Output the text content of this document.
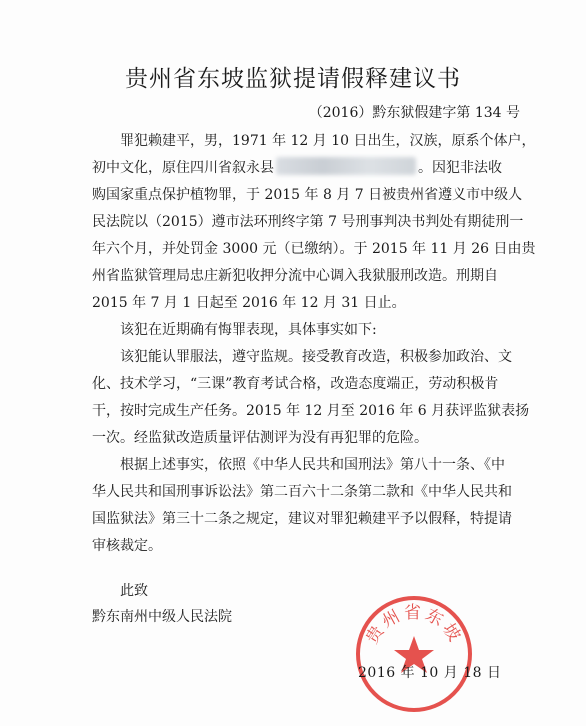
贵州省东坡监狱提请假释建议书
（2016）黔东狱假建字第 134 号
罪犯赖建平，男，1971 年 12 月 10 日出生，汉族，原系个体户，
初中文化，原住四川省叙永县	。因犯非法收
购国家重点保护植物罪，于 2015 年 8 月 7 日被贵州省遵义市中级人
民法院以（2015）遵市法环刑终字第 7 号刑事判决书判处有期徒刑一
年六个月，并处罚金 3000 元（已缴纳）。于 2015 年 11 月 26 日由贵
州省监狱管理局忠庄新犯收押分流中心调入我狱服刑改造。刑期自
2015 年 7 月 1 日起至 2016 年 12 月 31 日止。
该犯在近期确有悔罪表现，具体事实如下:
该犯能认罪服法，遵守监规。接受教育改造，积极参加政治、文
化、技术学习，“三课”教育考试合格，改造态度端正，劳动积极肯
干，按时完成生产任务。2015 年 12 月至 2016 年 6 月获评监狱表扬
一次。经监狱改造质量评估测评为没有再犯罪的危险。
根据上述事实，依照《中华人民共和国刑法》第八十一条、《中
华人民共和国刑事诉讼法》第二百六十二条第二款和《中华人民共和
国监狱法》第三十二条之规定，建议对罪犯赖建平予以假释，特提请
审核裁定。
此致
黔东南州中级人民法院
贵州省东坡
2016 年 10 月 18 日
